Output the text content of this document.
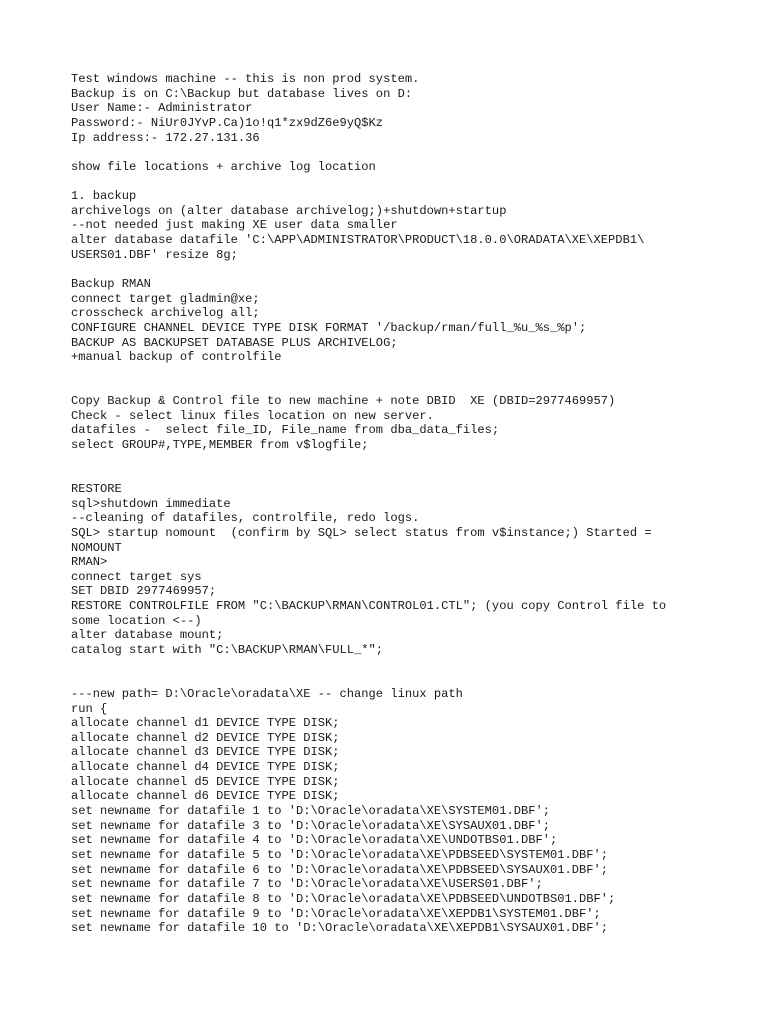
Test windows machine -- this is non prod system.
Backup is on C:\Backup but database lives on D:
User Name:- Administrator
Password:- NiUr0JYvP.Ca)1o!q1*zx9dZ6e9yQ$Kz
Ip address:- 172.27.131.36
show file locations + archive log location
1. backup
archivelogs on (alter database archivelog;)+shutdown+startup
--not needed just making XE user data smaller
alter database datafile 'C:\APP\ADMINISTRATOR\PRODUCT\18.0.0\ORADATA\XE\XEPDB1\
USERS01.DBF' resize 8g;
Backup RMAN
connect target gladmin@xe;
crosscheck archivelog all;
CONFIGURE CHANNEL DEVICE TYPE DISK FORMAT '/backup/rman/full_%u_%s_%p';
BACKUP AS BACKUPSET DATABASE PLUS ARCHIVELOG;
+manual backup of controlfile
Copy Backup & Control file to new machine + note DBID  XE (DBID=2977469957)
Check - select linux files location on new server.
datafiles -  select file_ID, File_name from dba_data_files;
select GROUP#,TYPE,MEMBER from v$logfile;
RESTORE
sql>shutdown immediate
--cleaning of datafiles, controlfile, redo logs.
SQL> startup nomount  (confirm by SQL> select status from v$instance;) Started =
NOMOUNT
RMAN>
connect target sys
SET DBID 2977469957;
RESTORE CONTROLFILE FROM "C:\BACKUP\RMAN\CONTROL01.CTL"; (you copy Control file to
some location <--)
alter database mount;
catalog start with "C:\BACKUP\RMAN\FULL_*";
---new path= D:\Oracle\oradata\XE -- change linux path
run {
allocate channel d1 DEVICE TYPE DISK;
allocate channel d2 DEVICE TYPE DISK;
allocate channel d3 DEVICE TYPE DISK;
allocate channel d4 DEVICE TYPE DISK;
allocate channel d5 DEVICE TYPE DISK;
allocate channel d6 DEVICE TYPE DISK;
set newname for datafile 1 to 'D:\Oracle\oradata\XE\SYSTEM01.DBF';
set newname for datafile 3 to 'D:\Oracle\oradata\XE\SYSAUX01.DBF';
set newname for datafile 4 to 'D:\Oracle\oradata\XE\UNDOTBS01.DBF';
set newname for datafile 5 to 'D:\Oracle\oradata\XE\PDBSEED\SYSTEM01.DBF';
set newname for datafile 6 to 'D:\Oracle\oradata\XE\PDBSEED\SYSAUX01.DBF';
set newname for datafile 7 to 'D:\Oracle\oradata\XE\USERS01.DBF';
set newname for datafile 8 to 'D:\Oracle\oradata\XE\PDBSEED\UNDOTBS01.DBF';
set newname for datafile 9 to 'D:\Oracle\oradata\XE\XEPDB1\SYSTEM01.DBF';
set newname for datafile 10 to 'D:\Oracle\oradata\XE\XEPDB1\SYSAUX01.DBF';
